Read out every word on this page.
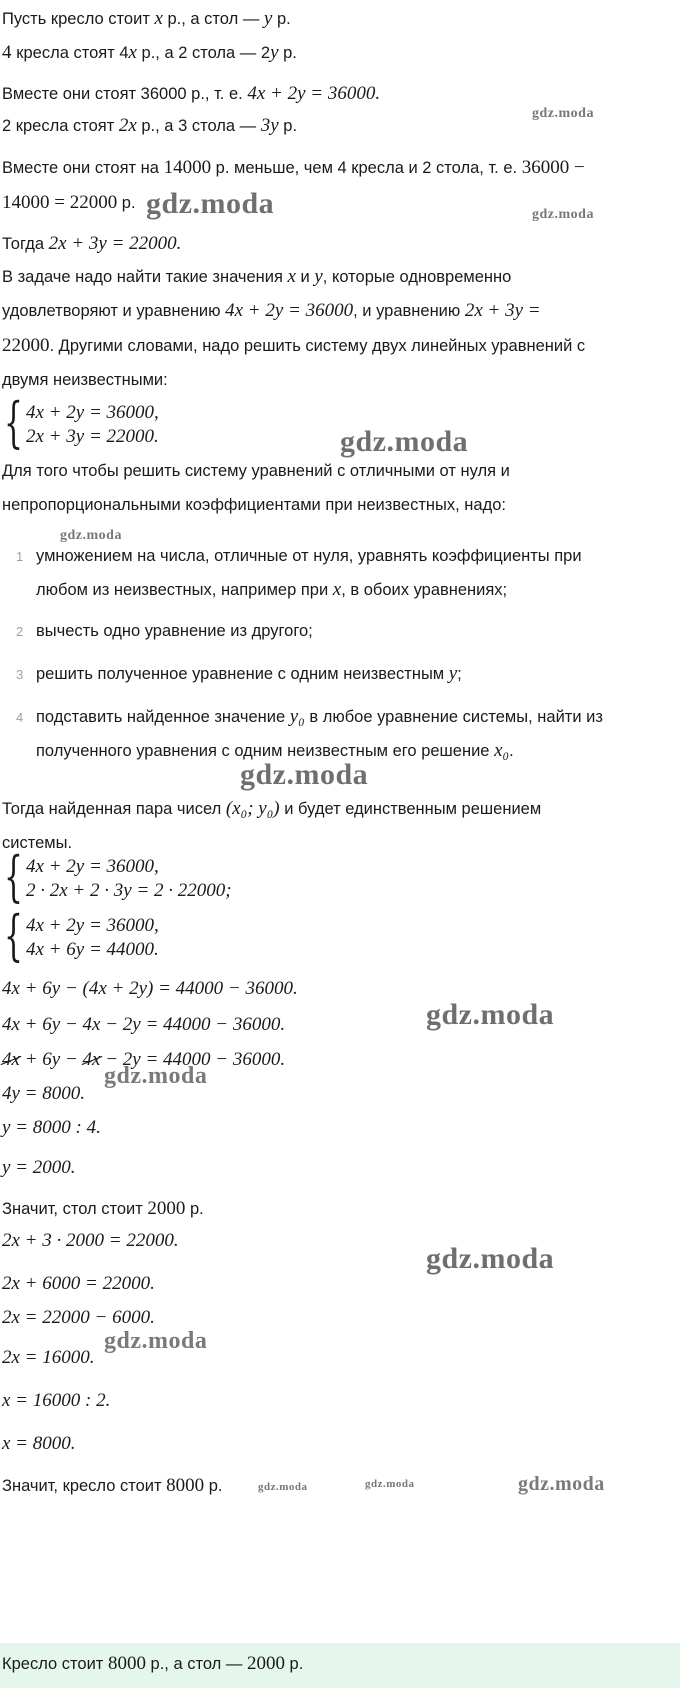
Пусть кресло стоит x р., а стол — y р.
4 кресла стоят 4x р., а 2 стола — 2y р.
Вместе они стоят 36000 р., т. е. 4x + 2y = 36000.
2 кресла стоят 2x р., а 3 стола — 3y р.
Вместе они стоят на 14000 р. меньше, чем 4 кресла и 2 стола, т. е. 36000 −
14000 = 22000 р.
Тогда 2x + 3y = 22000.
В задаче надо найти такие значения x и y, которые одновременно
удовлетворяют и уравнению 4x + 2y = 36000, и уравнению 2x + 3y =
22000. Другими словами, надо решить систему двух линейных уравнений с
двумя неизвестными:
{ 4x + 2y = 36000,
2x + 3y = 22000.
Для того чтобы решить систему уравнений с отличными от нуля и
непропорциональными коэффициентами при неизвестных, надо:
1 умножением на числа, отличные от нуля, уравнять коэффициенты при
любом из неизвестных, например при x, в обоих уравнениях;
2 вычесть одно уравнение из другого;
3 решить полученное уравнение с одним неизвестным y;
4 подставить найденное значение y₀ в любое уравнение системы, найти из
полученного уравнения с одним неизвестным его решение x₀.
Тогда найденная пара чисел (x₀; y₀) и будет единственным решением
системы.
{ 4x + 2y = 36000,
2 · 2x + 2 · 3y = 2 · 22000;
{ 4x + 2y = 36000,
4x + 6y = 44000.
4x + 6y − (4x + 2y) = 44000 − 36000.
4x + 6y − 4x − 2y = 44000 − 36000.
4x + 6y − 4x − 2y = 44000 − 36000.
4y = 8000.
y = 8000 : 4.
y = 2000.
Значит, стол стоит 2000 р.
2x + 3 · 2000 = 22000.
2x + 6000 = 22000.
2x = 22000 − 6000.
2x = 16000.
x = 16000 : 2.
x = 8000.
Значит, кресло стоит 8000 р.
Кресло стоит 8000 р., а стол — 2000 р.
gdz.moda
gdz.moda	gdz.moda
gdz.moda
gdz.moda
gdz.moda
gdz.moda
gdz.moda
gdz.moda
gdz.moda
gdz.moda	gdz.moda	gdz.moda
